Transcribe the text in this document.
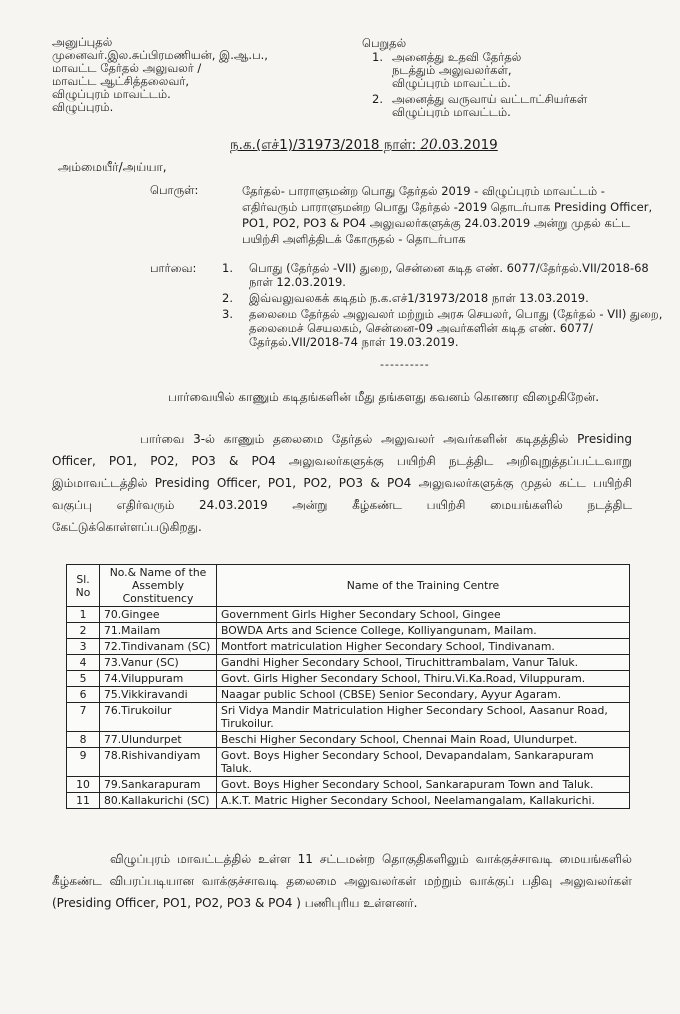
அனுப்புதல்
முனைவர்.இல.சுப்பிரமணியன், இ.ஆ.ப.,
மாவட்ட தேர்தல் அலுவலர் /
மாவட்ட ஆட்சித்தலைவர்,
விழுப்புரம் மாவட்டம்.
விழுப்புரம்.
பெறுதல்
1. அனைத்து உதவி தேர்தல்
நடத்தும் அலுவலர்கள்,
விழுப்புரம் மாவட்டம்.
2. அனைத்து வருவாய் வட்டாட்சியர்கள்
விழுப்புரம் மாவட்டம்.
ந.க.(எச்1)/31973/2018 நாள்: 20.03.2019
அம்மையீர்/அய்யா,
பொருள்:	தேர்தல்- பாராளுமன்ற பொது தேர்தல் 2019 - விழுப்புரம் மாவட்டம் - எதிர்வரும் பாராளுமன்ற பொது தேர்தல் -2019 தொடர்பாக Presiding Officer, PO1, PO2, PO3 & PO4 அலுவலர்களுக்கு 24.03.2019 அன்று முதல் கட்ட பயிற்சி அளித்திடக் கோருதல் - தொடர்பாக
பார்வை: 1. பொது (தேர்தல் -VII) துறை, சென்னை கடித எண். 6077/தேர்தல்.VII/2018-68 நாள் 12.03.2019.
2. இவ்வலுவலகக் கடிதம் ந.க.எச்1/31973/2018 நாள் 13.03.2019.
3. தலைமை தேர்தல் அலுவலர் மற்றும் அரசு செயலர், பொது (தேர்தல் - VII) துறை, தலைமைச் செயலகம், சென்னை-09 அவர்களின் கடித எண். 6077/தேர்தல்.VII/2018-74 நாள் 19.03.2019.
----------
பார்வையில் காணும் கடிதங்களின் மீது தங்களது கவனம் கொணர விழைகிறேன்.
பார்வை 3-ல் காணும் தலைமை தேர்தல் அலுவலர் அவர்களின் கடிதத்தில் Presiding Officer, PO1, PO2, PO3 & PO4 அலுவலர்களுக்கு பயிற்சி நடத்திட அறிவுறுத்தப்பட்டவாறு இம்மாவட்டத்தில் Presiding Officer, PO1, PO2, PO3 & PO4 அலுவலர்களுக்கு முதல் கட்ட பயிற்சி வகுப்பு எதிர்வரும் 24.03.2019 அன்று கீழ்கண்ட பயிற்சி மையங்களில் நடத்திட கேட்டுக்கொள்ளப்படுகிறது.
Sl. No	No.& Name of the Assembly Constituency	Name of the Training Centre
1	70.Gingee	Government Girls Higher Secondary School, Gingee
2	71.Mailam	BOWDA Arts and Science College, Kolliyangunam, Mailam.
3	72.Tindivanam (SC)	Montfort matriculation Higher Secondary School, Tindivanam.
4	73.Vanur (SC)	Gandhi Higher Secondary School, Tiruchittrambalam, Vanur Taluk.
5	74.Viluppuram	Govt. Girls Higher Secondary School, Thiru.Vi.Ka.Road, Viluppuram.
6	75.Vikkiravandi	Naagar public School (CBSE) Senior Secondary, Ayyur Agaram.
7	76.Tirukoilur	Sri Vidya Mandir Matriculation Higher Secondary School, Aasanur Road, Tirukoilur.
8	77.Ulundurpet	Beschi Higher Secondary School, Chennai Main Road, Ulundurpet.
9	78.Rishivandiyam	Govt. Boys Higher Secondary School, Devapandalam, Sankarapuram Taluk.
10	79.Sankarapuram	Govt. Boys Higher Secondary School, Sankarapuram Town and Taluk.
11	80.Kallakurichi (SC)	A.K.T. Matric Higher Secondary School, Neelamangalam, Kallakurichi.
விழுப்புரம் மாவட்டத்தில் உள்ள 11 சட்டமன்ற தொகுதிகளிலும் வாக்குச்சாவடி மையங்களில் கீழ்கண்ட விபரப்படியான வாக்குச்சாவடி தலைமை அலுவலர்கள் மற்றும் வாக்குப் பதிவு அலுவலர்கள் (Presiding Officer, PO1, PO2, PO3 & PO4 ) பணிபுரிய உள்ளனர்.
